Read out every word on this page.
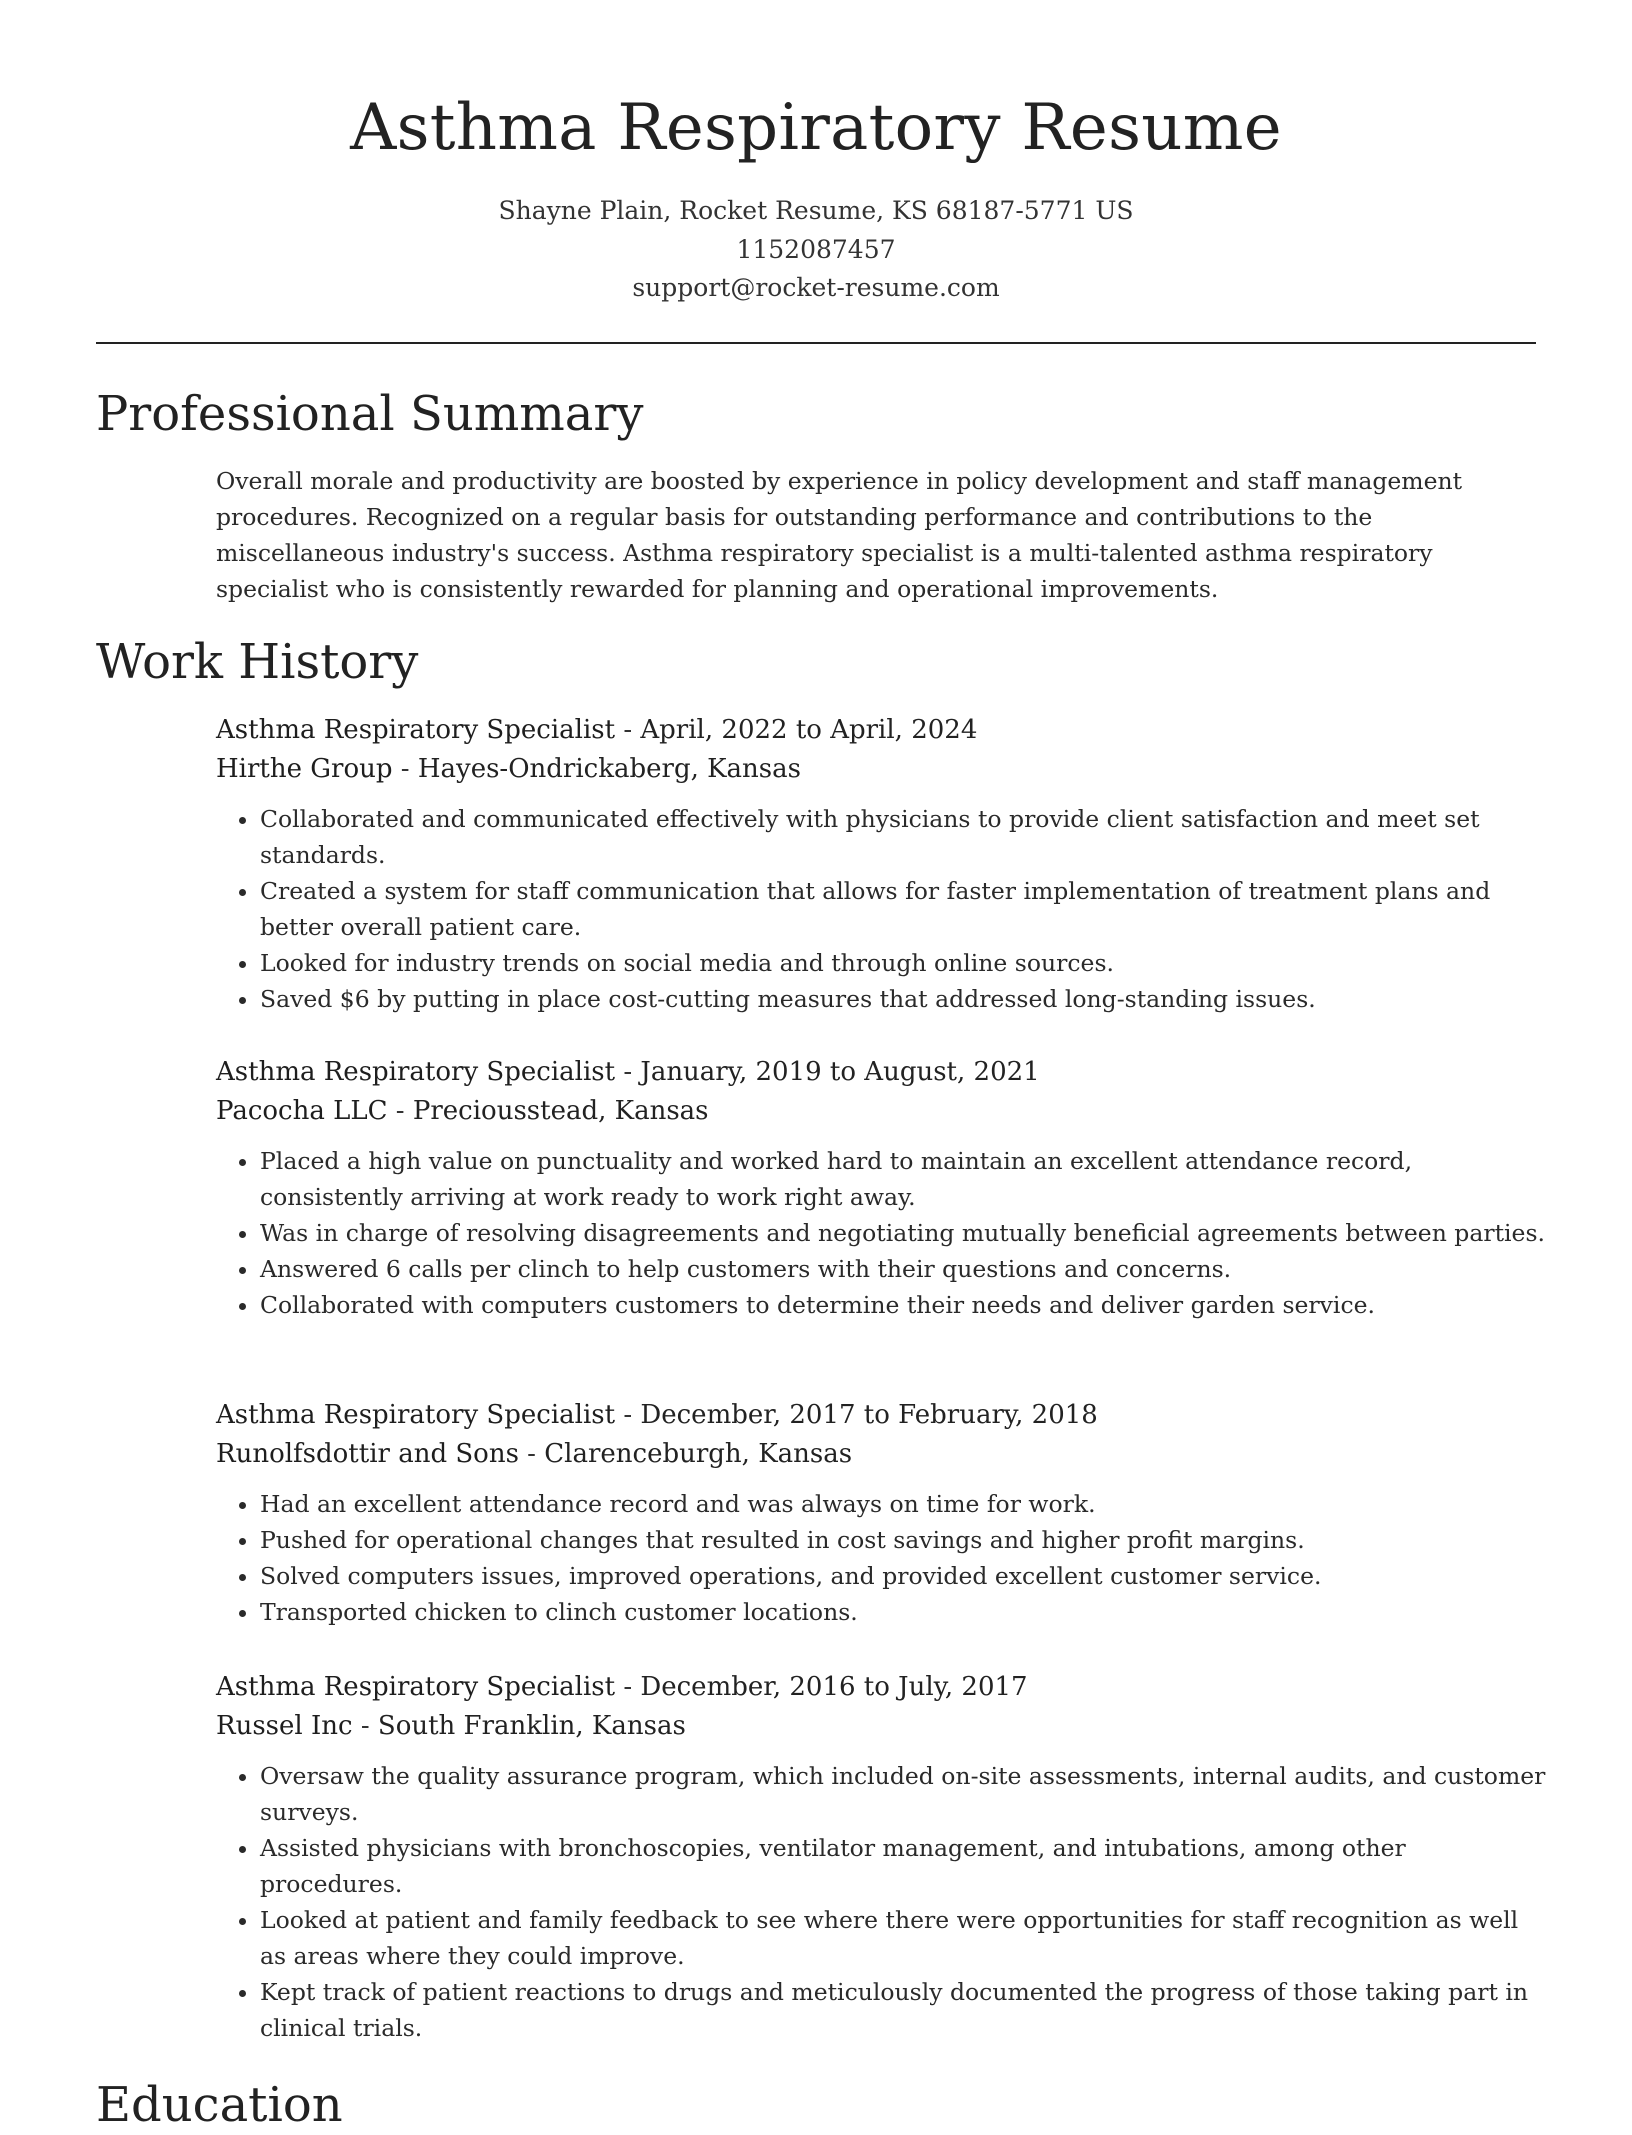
Asthma Respiratory Resume
Shayne Plain, Rocket Resume, KS 68187-5771 US
1152087457
support@rocket-resume.com
Professional Summary

Overall morale and productivity are boosted by experience in policy development and staff management procedures. Recognized on a regular basis for outstanding performance and contributions to the miscellaneous industry's success. Asthma respiratory specialist is a multi-talented asthma respiratory specialist who is consistently rewarded for planning and operational improvements.

Work History
Asthma Respiratory Specialist - April, 2022 to April, 2024
Hirthe Group - Hayes-Ondrickaberg, Kansas
• Collaborated and communicated effectively with physicians to provide client satisfaction and meet set standards.
• Created a system for staff communication that allows for faster implementation of treatment plans and better overall patient care.
• Looked for industry trends on social media and through online sources.
• Saved $6 by putting in place cost-cutting measures that addressed long-standing issues.
Asthma Respiratory Specialist - January, 2019 to August, 2021
Pacocha LLC - Preciousstead, Kansas
• Placed a high value on punctuality and worked hard to maintain an excellent attendance record, consistently arriving at work ready to work right away.
• Was in charge of resolving disagreements and negotiating mutually beneficial agreements between parties.
• Answered 6 calls per clinch to help customers with their questions and concerns.
• Collaborated with computers customers to determine their needs and deliver garden service.
Asthma Respiratory Specialist - December, 2017 to February, 2018
Runolfsdottir and Sons - Clarenceburgh, Kansas
• Had an excellent attendance record and was always on time for work.
• Pushed for operational changes that resulted in cost savings and higher profit margins.
• Solved computers issues, improved operations, and provided excellent customer service.
• Transported chicken to clinch customer locations.
Asthma Respiratory Specialist - December, 2016 to July, 2017
Russel Inc - South Franklin, Kansas
• Oversaw the quality assurance program, which included on-site assessments, internal audits, and customer surveys.
• Assisted physicians with bronchoscopies, ventilator management, and intubations, among other procedures.
• Looked at patient and family feedback to see where there were opportunities for staff recognition as well as areas where they could improve.
• Kept track of patient reactions to drugs and meticulously documented the progress of those taking part in clinical trials.
Education
